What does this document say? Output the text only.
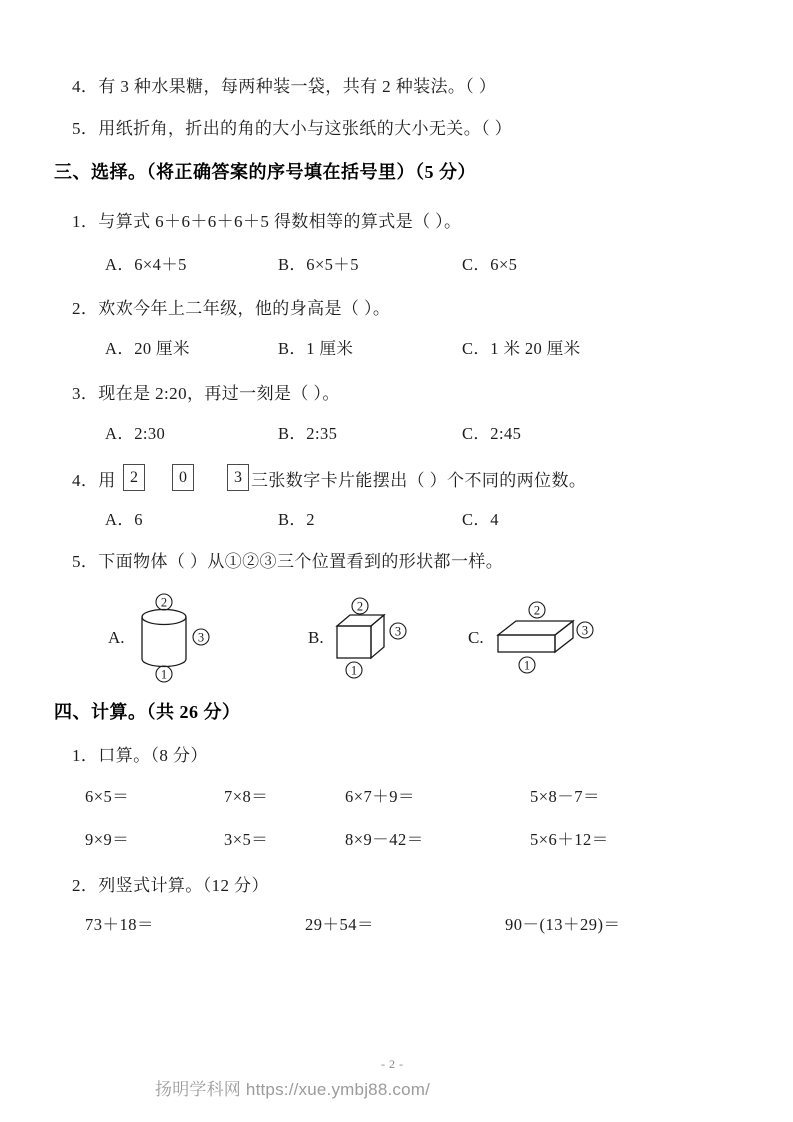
4．有 3 种水果糖，每两种装一袋，共有 2 种装法。（ ）
5．用纸折角，折出的角的大小与这张纸的大小无关。（ ）
三、选择。（将正确答案的序号填在括号里）（5 分）
1．与算式 6＋6＋6＋6＋5 得数相等的算式是（ ）。
A．6×4＋5	B．6×5＋5	C．6×5
2．欢欢今年上二年级，他的身高是（ ）。
A．20 厘米	B．1 厘米	C．1 米 20 厘米
3．现在是 2:20，再过一刻是（ ）。
A．2:30	B．2:35	C．2:45
4．用 2	0	3 三张数字卡片能摆出（ ）个不同的两位数。
A．6	B．2	C．4
5．下面物体（ ）从①②③三个位置看到的形状都一样。
A.
2
3
1
B.
2
3
1
C.
2
3
1
四、计算。（共 26 分）
1．口算。（8 分）
6×5＝	7×8＝	6×7＋9＝	5×8－7＝
9×9＝	3×5＝	8×9－42＝	5×6＋12＝
2．列竖式计算。（12 分）
73＋18＝	29＋54＝	90－(13＋29)＝
- 2 -
扬明学科网 https://xue.ymbj88.com/
